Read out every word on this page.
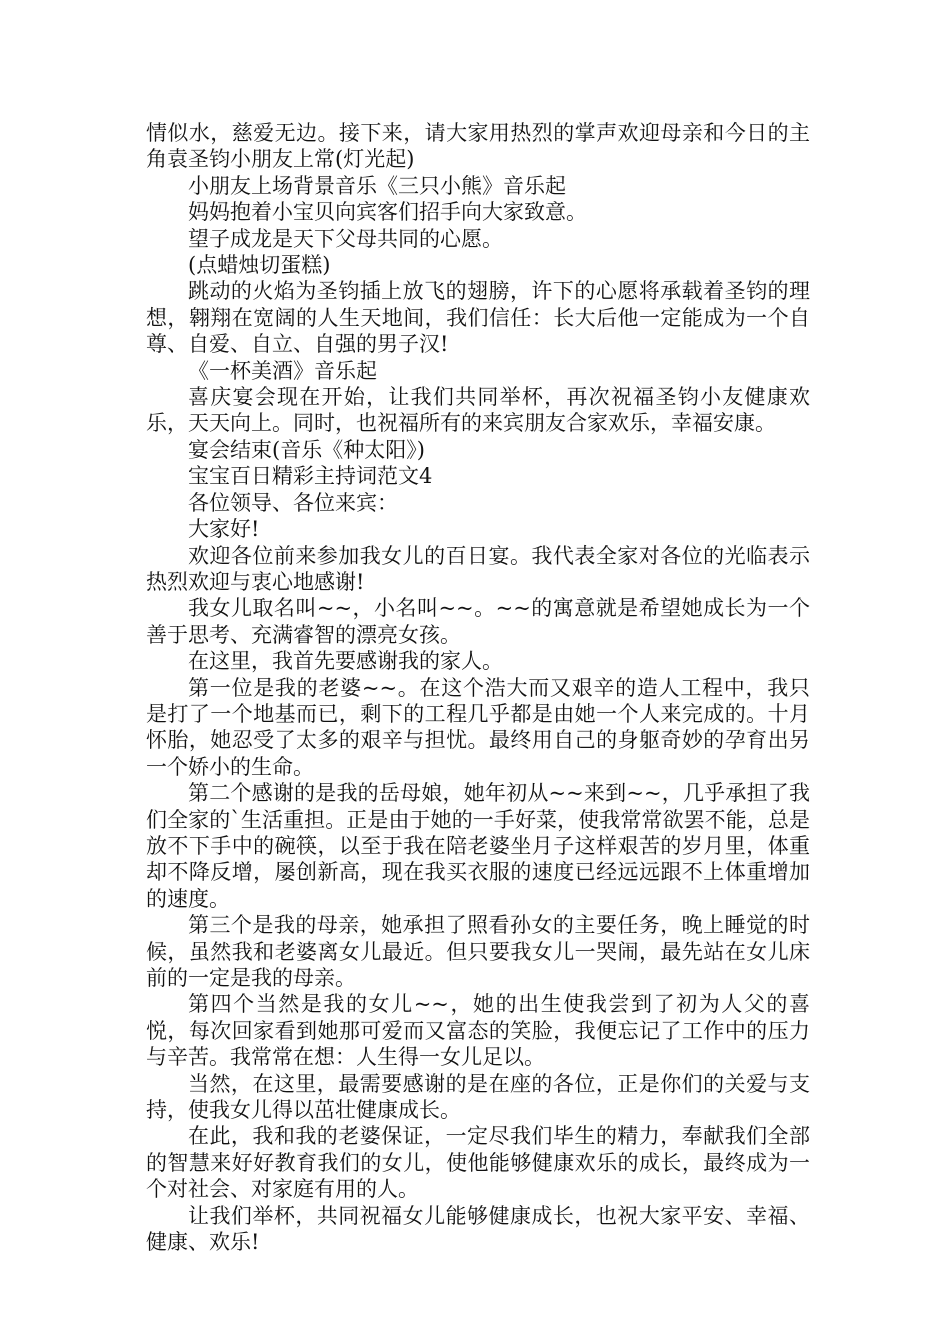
情似水，慈爱无边。接下来，请大家用热烈的掌声欢迎母亲和今日的主角袁圣钧小朋友上常(灯光起)

小朋友上场背景音乐《三只小熊》音乐起

妈妈抱着小宝贝向宾客们招手向大家致意。

望子成龙是天下父母共同的心愿。

(点蜡烛切蛋糕)

跳动的火焰为圣钧插上放飞的翅膀，许下的心愿将承载着圣钧的理想，翱翔在宽阔的人生天地间，我们信任：长大后他一定能成为一个自尊、自爱、自立、自强的男子汉!

《一杯美酒》音乐起

喜庆宴会现在开始，让我们共同举杯，再次祝福圣钧小友健康欢乐，天天向上。同时，也祝福所有的来宾朋友合家欢乐，幸福安康。

宴会结束(音乐《种太阳》)

宝宝百日精彩主持词范文4

各位领导、各位来宾：

大家好!

欢迎各位前来参加我女儿的百日宴。我代表全家对各位的光临表示热烈欢迎与衷心地感谢!

我女儿取名叫~~，小名叫~~。~~的寓意就是希望她成长为一个善于思考、充满睿智的漂亮女孩。

在这里，我首先要感谢我的家人。

第一位是我的老婆~~。在这个浩大而又艰辛的造人工程中，我只是打了一个地基而已，剩下的工程几乎都是由她一个人来完成的。十月怀胎，她忍受了太多的艰辛与担忧。最终用自己的身躯奇妙的孕育出另一个娇小的生命。

第二个感谢的是我的岳母娘，她年初从~~来到~~，几乎承担了我们全家的`生活重担。正是由于她的一手好菜，使我常常欲罢不能，总是放不下手中的碗筷，以至于我在陪老婆坐月子这样艰苦的岁月里，体重却不降反增，屡创新高，现在我买衣服的速度已经远远跟不上体重增加的速度。

第三个是我的母亲，她承担了照看孙女的主要任务，晚上睡觉的时候，虽然我和老婆离女儿最近。但只要我女儿一哭闹，最先站在女儿床前的一定是我的母亲。

第四个当然是我的女儿~~，她的出生使我尝到了初为人父的喜悦，每次回家看到她那可爱而又富态的笑脸，我便忘记了工作中的压力与辛苦。我常常在想：人生得一女儿足以。

当然，在这里，最需要感谢的是在座的各位，正是你们的关爱与支持，使我女儿得以茁壮健康成长。

在此，我和我的老婆保证，一定尽我们毕生的精力，奉献我们全部的智慧来好好教育我们的女儿，使他能够健康欢乐的成长，最终成为一个对社会、对家庭有用的人。

让我们举杯，共同祝福女儿能够健康成长，也祝大家平安、幸福、健康、欢乐!
